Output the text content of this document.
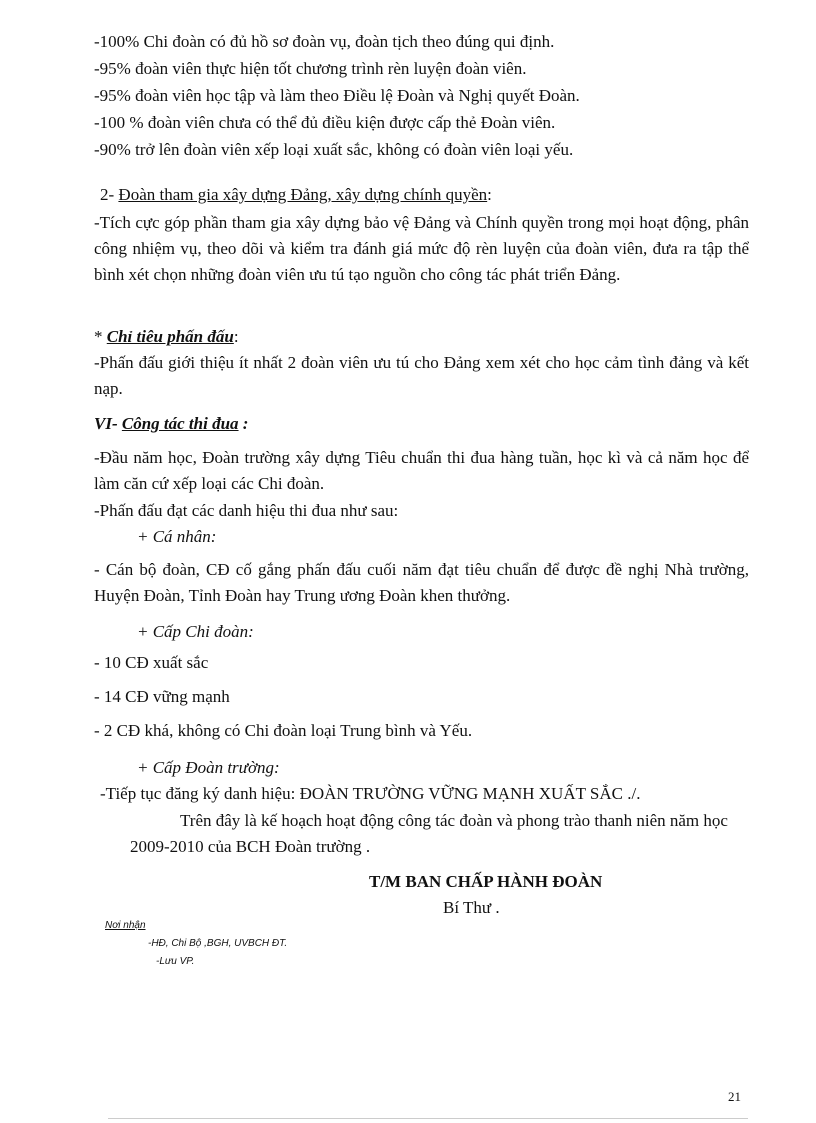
-100% Chi đoàn có đủ hồ sơ đoàn vụ, đoàn tịch theo đúng qui định.
-95% đoàn viên thực hiện tốt chương trình rèn luyện đoàn viên.
-95% đoàn viên học tập và làm theo Điều lệ Đoàn và Nghị quyết Đoàn.
-100 % đoàn viên chưa có thể đủ điều kiện được cấp thẻ Đoàn viên.
-90% trở lên đoàn viên xếp loại xuất sắc, không có đoàn viên loại yếu.
2- Đoàn tham gia xây dựng Đảng, xây dựng chính quyền:
-Tích cực góp phần tham gia xây dựng bảo vệ Đảng và Chính quyền trong mọi hoạt động, phân công nhiệm vụ, theo dõi và kiểm tra đánh giá mức độ rèn luyện của đoàn viên, đưa ra tập thể bình xét chọn những đoàn viên ưu tú tạo nguồn cho công tác phát triển Đảng.
* Chỉ tiêu phấn đấu:
-Phấn đấu giới thiệu ít nhất 2 đoàn viên ưu tú cho Đảng xem xét cho học cảm tình đảng và kết nạp.
VI- Công tác thi đua :
-Đầu năm học, Đoàn trường xây dựng Tiêu chuẩn thi đua hàng tuần, học kì và cả năm học để làm căn cứ xếp loại các Chi đoàn.
-Phấn đấu đạt các danh hiệu thi đua như sau:
+ Cá nhân:
- Cán bộ đoàn, CĐ cố gắng phấn đấu cuối năm đạt tiêu chuẩn để được đề nghị Nhà trường, Huyện Đoàn, Tỉnh Đoàn hay Trung ương Đoàn khen thưởng.
+ Cấp Chi đoàn:
- 10 CĐ xuất sắc
- 14 CĐ vững mạnh
- 2 CĐ khá, không có Chi đoàn loại Trung bình và Yếu.
+ Cấp Đoàn trường:
-Tiếp tục đăng ký danh hiệu: ĐOÀN TRƯỜNG VỮNG MẠNH XUẤT SẮC ./.
Trên đây là kế hoạch hoạt động công tác đoàn và phong trào thanh niên năm học 2009-2010 của BCH Đoàn trường .
T/M BAN CHẤP HÀNH ĐOÀN
Bí Thư .
Nơi nhận
-HĐ, Chi Bộ ,BGH, UVBCH ĐT.
-Lưu VP.
21
